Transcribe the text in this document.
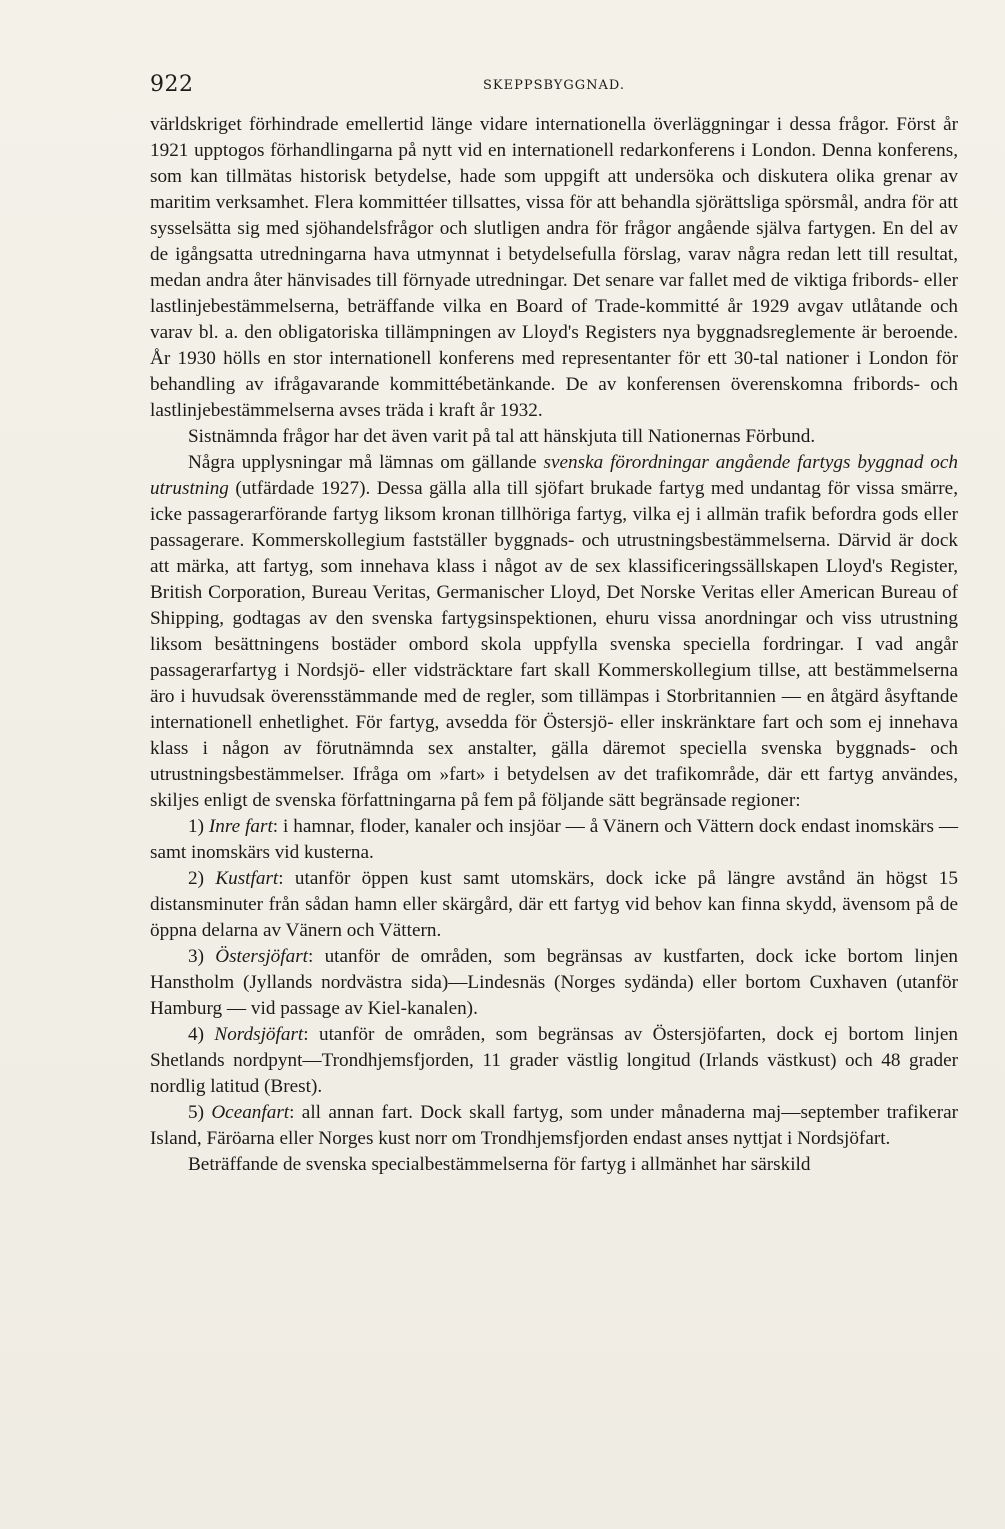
922	SKEPPSBYGGNAD.

världskriget förhindrade emellertid länge vidare internationella överläggningar i dessa frågor. Först år 1921 upptogos förhandlingarna på nytt vid en internationell redarkonferens i London. Denna konferens, som kan tillmätas historisk betydelse, hade som uppgift att undersöka och diskutera olika grenar av maritim verksamhet. Flera kommittéer tillsattes, vissa för att behandla sjörättsliga spörsmål, andra för att sysselsätta sig med sjöhandelsfrågor och slutligen andra för frågor angående själva fartygen. En del av de igångsatta utredningarna hava utmynnat i betydelsefulla förslag, varav några redan lett till resultat, medan andra åter hänvisades till förnyade utredningar. Det senare var fallet med de viktiga fribords- eller lastlinjebestämmelserna, beträffande vilka en Board of Trade-kommitté år 1929 avgav utlåtande och varav bl. a. den obligatoriska tillämpningen av Lloyd's Registers nya byggnadsreglemente är beroende. År 1930 hölls en stor internationell konferens med representanter för ett 30-tal nationer i London för behandling av ifrågavarande kommittébetänkande. De av konferensen överenskomna fribords- och lastlinjebestämmelserna avses träda i kraft år 1932.

Sistnämnda frågor har det även varit på tal att hänskjuta till Nationernas Förbund.

Några upplysningar må lämnas om gällande svenska förordningar angående fartygs byggnad och utrustning (utfärdade 1927). Dessa gälla alla till sjöfart brukade fartyg med undantag för vissa smärre, icke passagerarförande fartyg liksom kronan tillhöriga fartyg, vilka ej i allmän trafik befordra gods eller passagerare. Kommerskollegium fastställer byggnads- och utrustningsbestämmelserna. Därvid är dock att märka, att fartyg, som innehava klass i något av de sex klassificeringssällskapen Lloyd's Register, British Corporation, Bureau Veritas, Germanischer Lloyd, Det Norske Veritas eller American Bureau of Shipping, godtagas av den svenska fartygsinspektionen, ehuru vissa anordningar och viss utrustning liksom besättningens bostäder ombord skola uppfylla svenska speciella fordringar. I vad angår passagerarfartyg i Nordsjö- eller vidsträcktare fart skall Kommerskollegium tillse, att bestämmelserna äro i huvudsak överensstämmande med de regler, som tillämpas i Storbritannien — en åtgärd åsyftande internationell enhetlighet. För fartyg, avsedda för Östersjö- eller inskränktare fart och som ej innehava klass i någon av förutnämnda sex anstalter, gälla däremot speciella svenska byggnads- och utrustningsbestämmelser. Ifråga om »fart» i betydelsen av det trafikområde, där ett fartyg användes, skiljes enligt de svenska författningarna på fem på följande sätt begränsade regioner:

1) Inre fart: i hamnar, floder, kanaler och insjöar — å Vänern och Vättern dock endast inomskärs — samt inomskärs vid kusterna.

2) Kustfart: utanför öppen kust samt utomskärs, dock icke på längre avstånd än högst 15 distansminuter från sådan hamn eller skärgård, där ett fartyg vid behov kan finna skydd, ävensom på de öppna delarna av Vänern och Vättern.

3) Östersjöfart: utanför de områden, som begränsas av kustfarten, dock icke bortom linjen Hanstholm (Jyllands nordvästra sida)—Lindesnäs (Norges sydända) eller bortom Cuxhaven (utanför Hamburg — vid passage av Kiel-kanalen).

4) Nordsjöfart: utanför de områden, som begränsas av Östersjöfarten, dock ej bortom linjen Shetlands nordpynt—Trondhjemsfjorden, 11 grader västlig longitud (Irlands västkust) och 48 grader nordlig latitud (Brest).

5) Oceanfart: all annan fart. Dock skall fartyg, som under månaderna maj—september trafikerar Island, Färöarna eller Norges kust norr om Trondhjemsfjorden endast anses nyttjat i Nordsjöfart.

Beträffande de svenska specialbestämmelserna för fartyg i allmänhet har särskild
